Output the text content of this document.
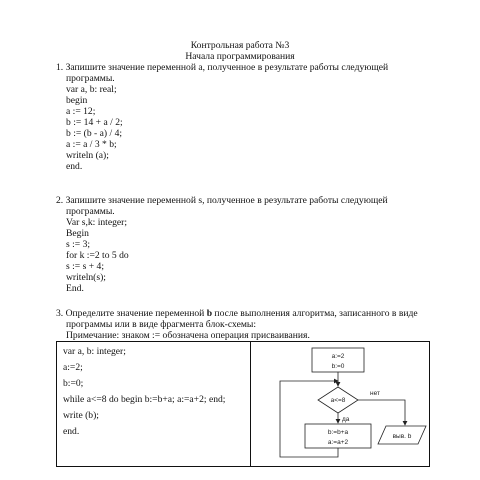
Контрольная работа №3
Начала программирования
1. Запишите значение переменной a, полученное в результате работы следующей
программы.
var a, b: real;
begin
a := 12;
b := 14 + a / 2;
b := (b - a) / 4;
a := a / 3 * b;
writeln (a);
end.
2. Запишите значение переменной s, полученное в результате работы следующей
программы.
Var s,k: integer;
Begin
s := 3;
for k :=2 to 5 do
s := s + 4;
writeln(s);
End.
3. Определите значение переменной b после выполнения алгоритма, записанного в виде
программы или в виде фрагмента блок-схемы:
Примечание: знаком := обозначена операция присваивания.
var a, b: integer;
a:=2;
b:=0;
while a<=8 do begin b:=b+a; a:=a+2; end;
write (b);
end.
a:=2
b:=0
a<=8
да
b:=b+a
a:=a+2
нет
выв. b
